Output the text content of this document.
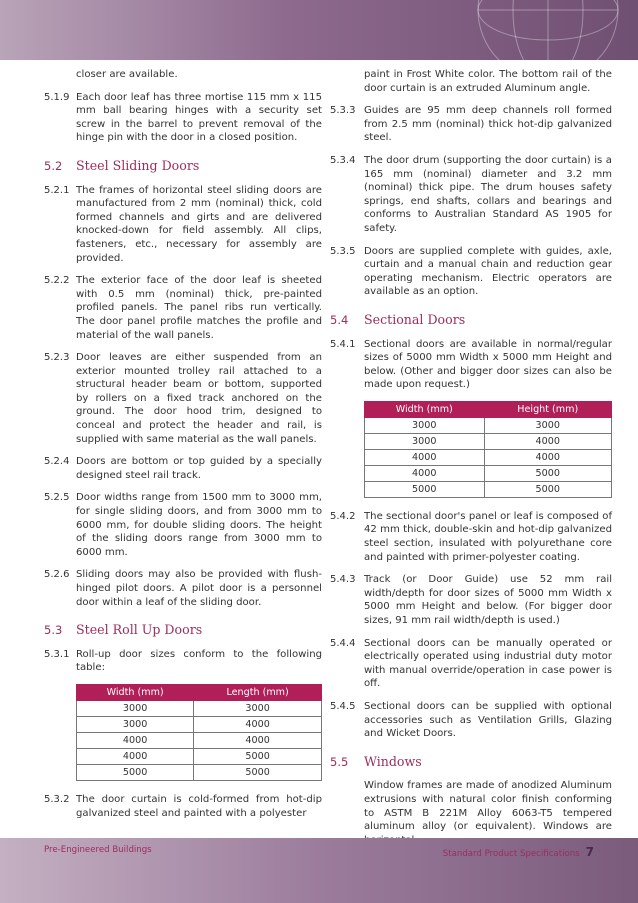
closer are available.
5.1.9 Each door leaf has three mortise 115 mm x 115 mm ball bearing hinges with a security set screw in the barrel to prevent removal of the hinge pin with the door in a closed position.
5.2	Steel Sliding Doors
5.2.1 The frames of horizontal steel sliding doors are manufactured from 2 mm (nominal) thick, cold formed channels and girts and are delivered knocked-down for field assembly. All clips, fasteners, etc., necessary for assembly are provided.
5.2.2 The exterior face of the door leaf is sheeted with 0.5 mm (nominal) thick, pre-painted profiled panels. The panel ribs run vertically. The door panel profile matches the profile and material of the wall panels.
5.2.3 Door leaves are either suspended from an exterior mounted trolley rail attached to a structural header beam or bottom, supported by rollers on a fixed track anchored on the ground. The door hood trim, designed to conceal and protect the header and rail, is supplied with same material as the wall panels.
5.2.4 Doors are bottom or top guided by a specially designed steel rail track.
5.2.5 Door widths range from 1500 mm to 3000 mm, for single sliding doors, and from 3000 mm to 6000 mm, for double sliding doors. The height of the sliding doors range from 3000 mm to 6000 mm.
5.2.6 Sliding doors may also be provided with flush-hinged pilot doors. A pilot door is a personnel door within a leaf of the sliding door.
5.3	Steel Roll Up Doors
5.3.1 Roll-up door sizes conform to the following table:
Width (mm)	Length (mm)
3000	3000
3000	4000
4000	4000
4000	5000
5000	5000
5.3.2 The door curtain is cold-formed from hot-dip galvanized steel and painted with a polyester
paint in Frost White color. The bottom rail of the door curtain is an extruded Aluminum angle.
5.3.3 Guides are 95 mm deep channels roll formed from 2.5 mm (nominal) thick hot-dip galvanized steel.
5.3.4 The door drum (supporting the door curtain) is a 165 mm (nominal) diameter and 3.2 mm (nominal) thick pipe. The drum houses safety springs, end shafts, collars and bearings and conforms to Australian Standard AS 1905 for safety.
5.3.5 Doors are supplied complete with guides, axle, curtain and a manual chain and reduction gear operating mechanism. Electric operators are available as an option.
5.4	Sectional Doors
5.4.1 Sectional doors are available in normal/regular sizes of 5000 mm Width x 5000 mm Height and below. (Other and bigger door sizes can also be made upon request.)
Width (mm)	Height (mm)
3000	3000
3000	4000
4000	4000
4000	5000
5000	5000
5.4.2 The sectional door's panel or leaf is composed of 42 mm thick, double-skin and hot-dip galvanized steel section, insulated with polyurethane core and painted with primer-polyester coating.
5.4.3 Track (or Door Guide) use 52 mm rail width/depth for door sizes of 5000 mm Width x 5000 mm Height and below. (For bigger door sizes, 91 mm rail width/depth is used.)
5.4.4 Sectional doors can be manually operated or electrically operated using industrial duty motor with manual override/operation in case power is off.
5.4.5 Sectional doors can be supplied with optional accessories such as Ventilation Grills, Glazing and Wicket Doors.
5.5	Windows
Window frames are made of anodized Aluminum extrusions with natural color finish conforming to ASTM B 221M Alloy 6063-T5 tempered aluminum alloy (or equivalent). Windows are
Pre-Engineered Buildings	Standard Product Specifications 7
